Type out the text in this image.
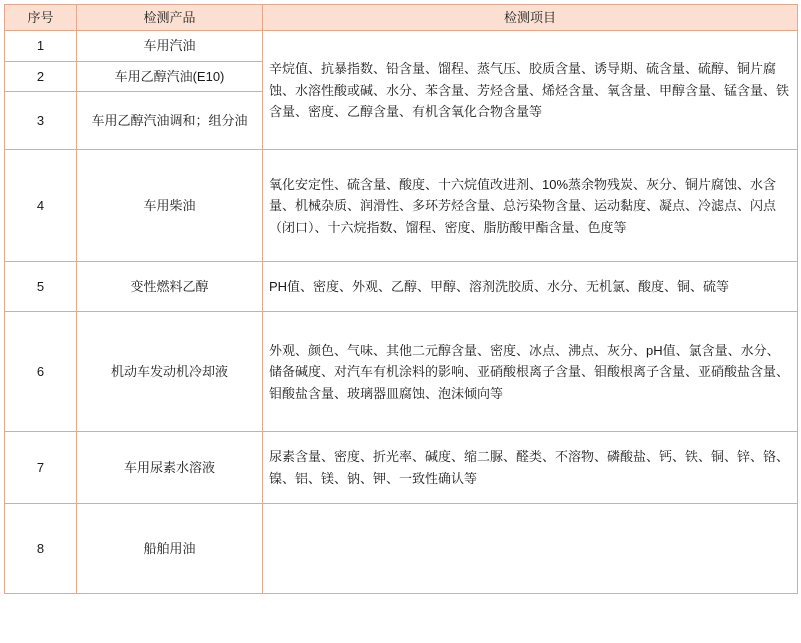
序号	检测产品	检测项目
1	车用汽油	辛烷值、抗暴指数、铅含量、馏程、蒸气压、胶质含量、诱导期、硫含量、硫醇、铜片腐蚀、水溶性酸或碱、水分、苯含量、芳烃含量、烯烃含量、氧含量、甲醇含量、锰含量、铁含量、密度、乙醇含量、有机含氧化合物含量等
2	车用乙醇汽油(E10)	
3	车用乙醇汽油调和；组分油	
4	车用柴油	氧化安定性、硫含量、酸度、十六烷值改进剂、10%蒸余物残炭、灰分、铜片腐蚀、水含量、机械杂质、润滑性、多环芳烃含量、总污染物含量、运动黏度、凝点、冷滤点、闪点（闭口）、十六烷指数、馏程、密度、脂肪酸甲酯含量、色度等
5	变性燃料乙醇	PH值、密度、外观、乙醇、甲醇、溶剂洗胶质、水分、无机氯、酸度、铜、硫等
6	机动车发动机冷却液	外观、颜色、气味、其他二元醇含量、密度、冰点、沸点、灰分、pH值、氯含量、水分、储备碱度、对汽车有机涂料的影响、亚硝酸根离子含量、钼酸根离子含量、亚硝酸盐含量、钼酸盐含量、玻璃器皿腐蚀、泡沫倾向等
7	车用尿素水溶液	尿素含量、密度、折光率、碱度、缩二脲、醛类、不溶物、磷酸盐、钙、铁、铜、锌、铬、镍、铝、镁、钠、钾、一致性确认等
8	船舶用油	
